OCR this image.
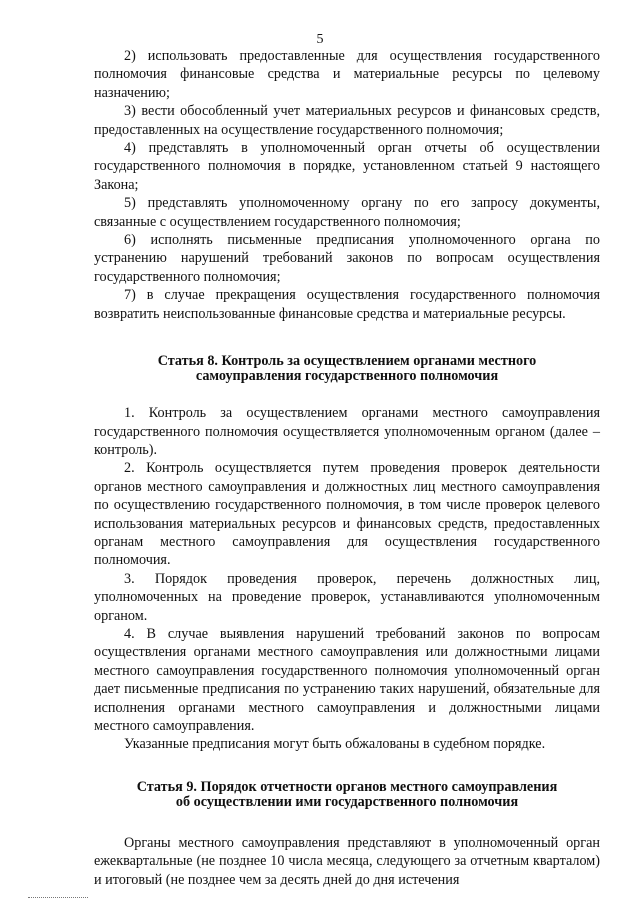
5

2) использовать предоставленные для осуществления государственного полномочия финансовые средства и материальные ресурсы по целевому назначению;

3) вести обособленный учет материальных ресурсов и финансовых средств, предоставленных на осуществление государственного полномочия;

4) представлять в уполномоченный орган отчеты об осуществлении государственного полномочия в порядке, установленном статьей 9 настоящего Закона;

5) представлять уполномоченному органу по его запросу документы, связанные с осуществлением государственного полномочия;

6) исполнять письменные предписания уполномоченного органа по устранению нарушений требований законов по вопросам осуществления государственного полномочия;

7) в случае прекращения осуществления государственного полномочия возвратить неиспользованные финансовые средства и материальные ресурсы.

Статья 8. Контроль за осуществлением органами местного
самоуправления государственного полномочия

1. Контроль за осуществлением органами местного самоуправления государственного полномочия осуществляется уполномоченным органом (далее – контроль).

2. Контроль осуществляется путем проведения проверок деятельности органов местного самоуправления и должностных лиц местного самоуправления по осуществлению государственного полномочия, в том числе проверок целевого использования материальных ресурсов и финансовых средств, предоставленных органам местного самоуправления для осуществления государственного полномочия.

3. Порядок проведения проверок, перечень должностных лиц, уполномоченных на проведение проверок, устанавливаются уполномоченным органом.

4. В случае выявления нарушений требований законов по вопросам осуществления органами местного самоуправления или должностными лицами местного самоуправления государственного полномочия уполномоченный орган дает письменные предписания по устранению таких нарушений, обязательные для исполнения органами местного самоуправления и должностными лицами местного самоуправления.

Указанные предписания могут быть обжалованы в судебном порядке.

Статья 9. Порядок отчетности органов местного самоуправления
об осуществлении ими государственного полномочия

Органы местного самоуправления представляют в уполномоченный орган ежеквартальные (не позднее 10 числа месяца, следующего за отчетным кварталом) и итоговый (не позднее чем за десять дней до дня истечения
